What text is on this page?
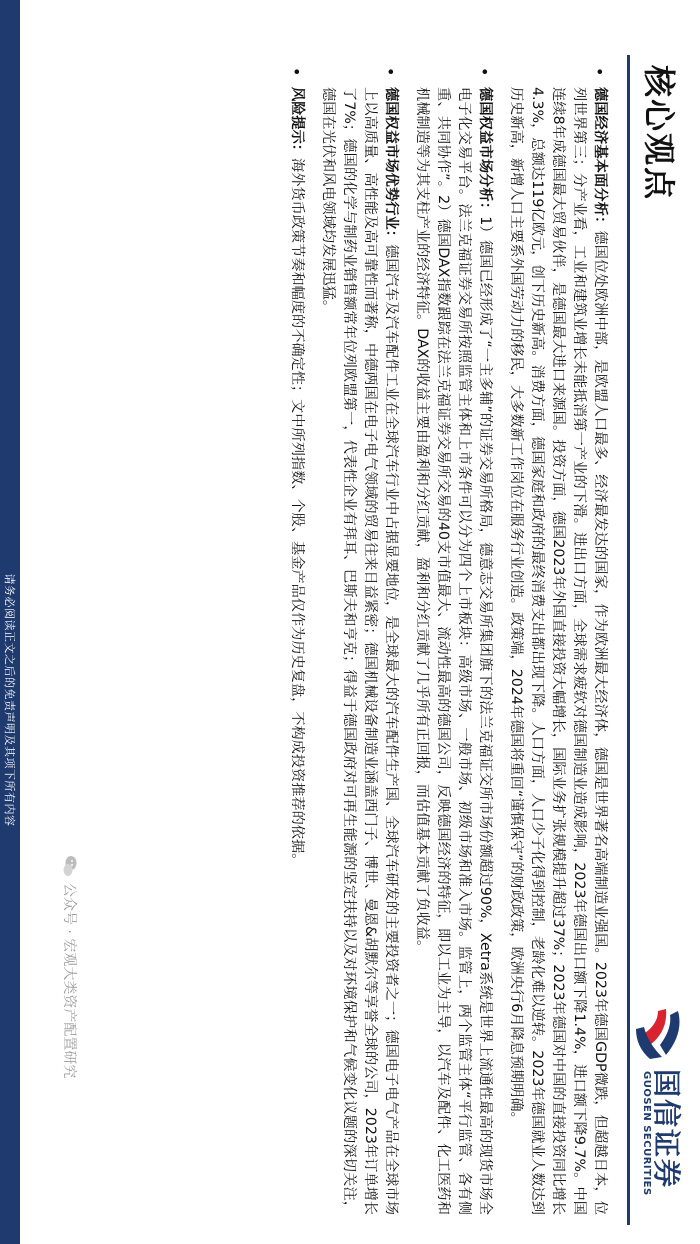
请务必阅读正文之后的免责声明及其项下所有内容
核心观点
国信证券
GUOSEN SECURITIES
•
德国经济基本面分析：德国位处欧洲中部，是欧盟人口最多、经济最发达的国家，作为欧洲最大经济体，德国是世界著名高端制造业强国。2023年德国GDP微跌，但超越日本，位列世界第三；分产业看，工业和建筑业增长未能抵消第一产业的下滑。进出口方面，全球需求疲软对德国制造业造成影响，2023年德国出口额下降1.4%，进口额下降9.7%。中国连续8年成德国最大贸易伙伴，是德国最大进口来源国。投资方面，德国2023年外国直接投资大幅增长，国际业务扩张规模提升超过37%；2023年德国对中国的直接投资同比增长4.3%，总额达119亿欧元，创下历史新高。消费方面，德国家庭和政府的最终消费支出都出现下降。人口方面，人口少子化得到控制，老龄化难以逆转。2023年德国就业人数达到历史新高，新增人口主要系外国劳动力的移民，大多数新工作岗位在服务行业创造。政策端，2024年德国将重回“谨慎保守”的财政政策，欧洲央行6月降息预期明确。
•
德国权益市场分析：1）德国已经形成了“一主多辅”的证券交易所格局，德意志交易所集团旗下的法兰克福证交所市场份额超过90%，Xetra系统是世界上流通性最高的现货市场全电子化交易平台。法兰克福证券交易所按照监管主体和上市条件可以分为四个上市板块：高级市场、一般市场、初级市场和准入市场。监管上，两个监管主体“平行监管、各有侧重、共同协作”。2）德国DAX指数跟踪在法兰克福证券交易所交易的40支市值最大、流动性最高的德国公司，反映德国经济的特征，即以工业为主导，以汽车及配件、化工医药和机械制造等为其支柱产业的经济特征。DAX的收益主要由盈利和分红贡献，盈利和分红贡献了几乎所有正回报，而估值基本贡献了负收益。
•
德国权益市场优势行业：德国汽车及汽车配件工业在全球汽车行业中占据显要地位，是全球最大的汽车配件生产国、全球汽车研发的主要投资者之一；德国电子电气产品在全球市场上以高质量、高性能及高可靠性而著称，中德两国在电子电气领域的贸易往来日益紧密；德国机械设备制造业涵盖西门子、博世、曼恩&胡默尔等享誉全球的公司，2023年订单增长了7%；德国的化学与制药业销售额常年位列欧盟第一，代表性企业有拜耳、巴斯夫和亨克；得益于德国政府对可再生能源的坚定扶持以及对环境保护和气候变化议题的深切关注，德国在光伏和风电领域均发展迅猛。
•
风险提示：海外货币政策节奏和幅度的不确定性；文中所列指数、个股、基金产品仅作为历史复盘，不构成投资推荐的依据。
公众号 · 宏观大类资产配置研究
